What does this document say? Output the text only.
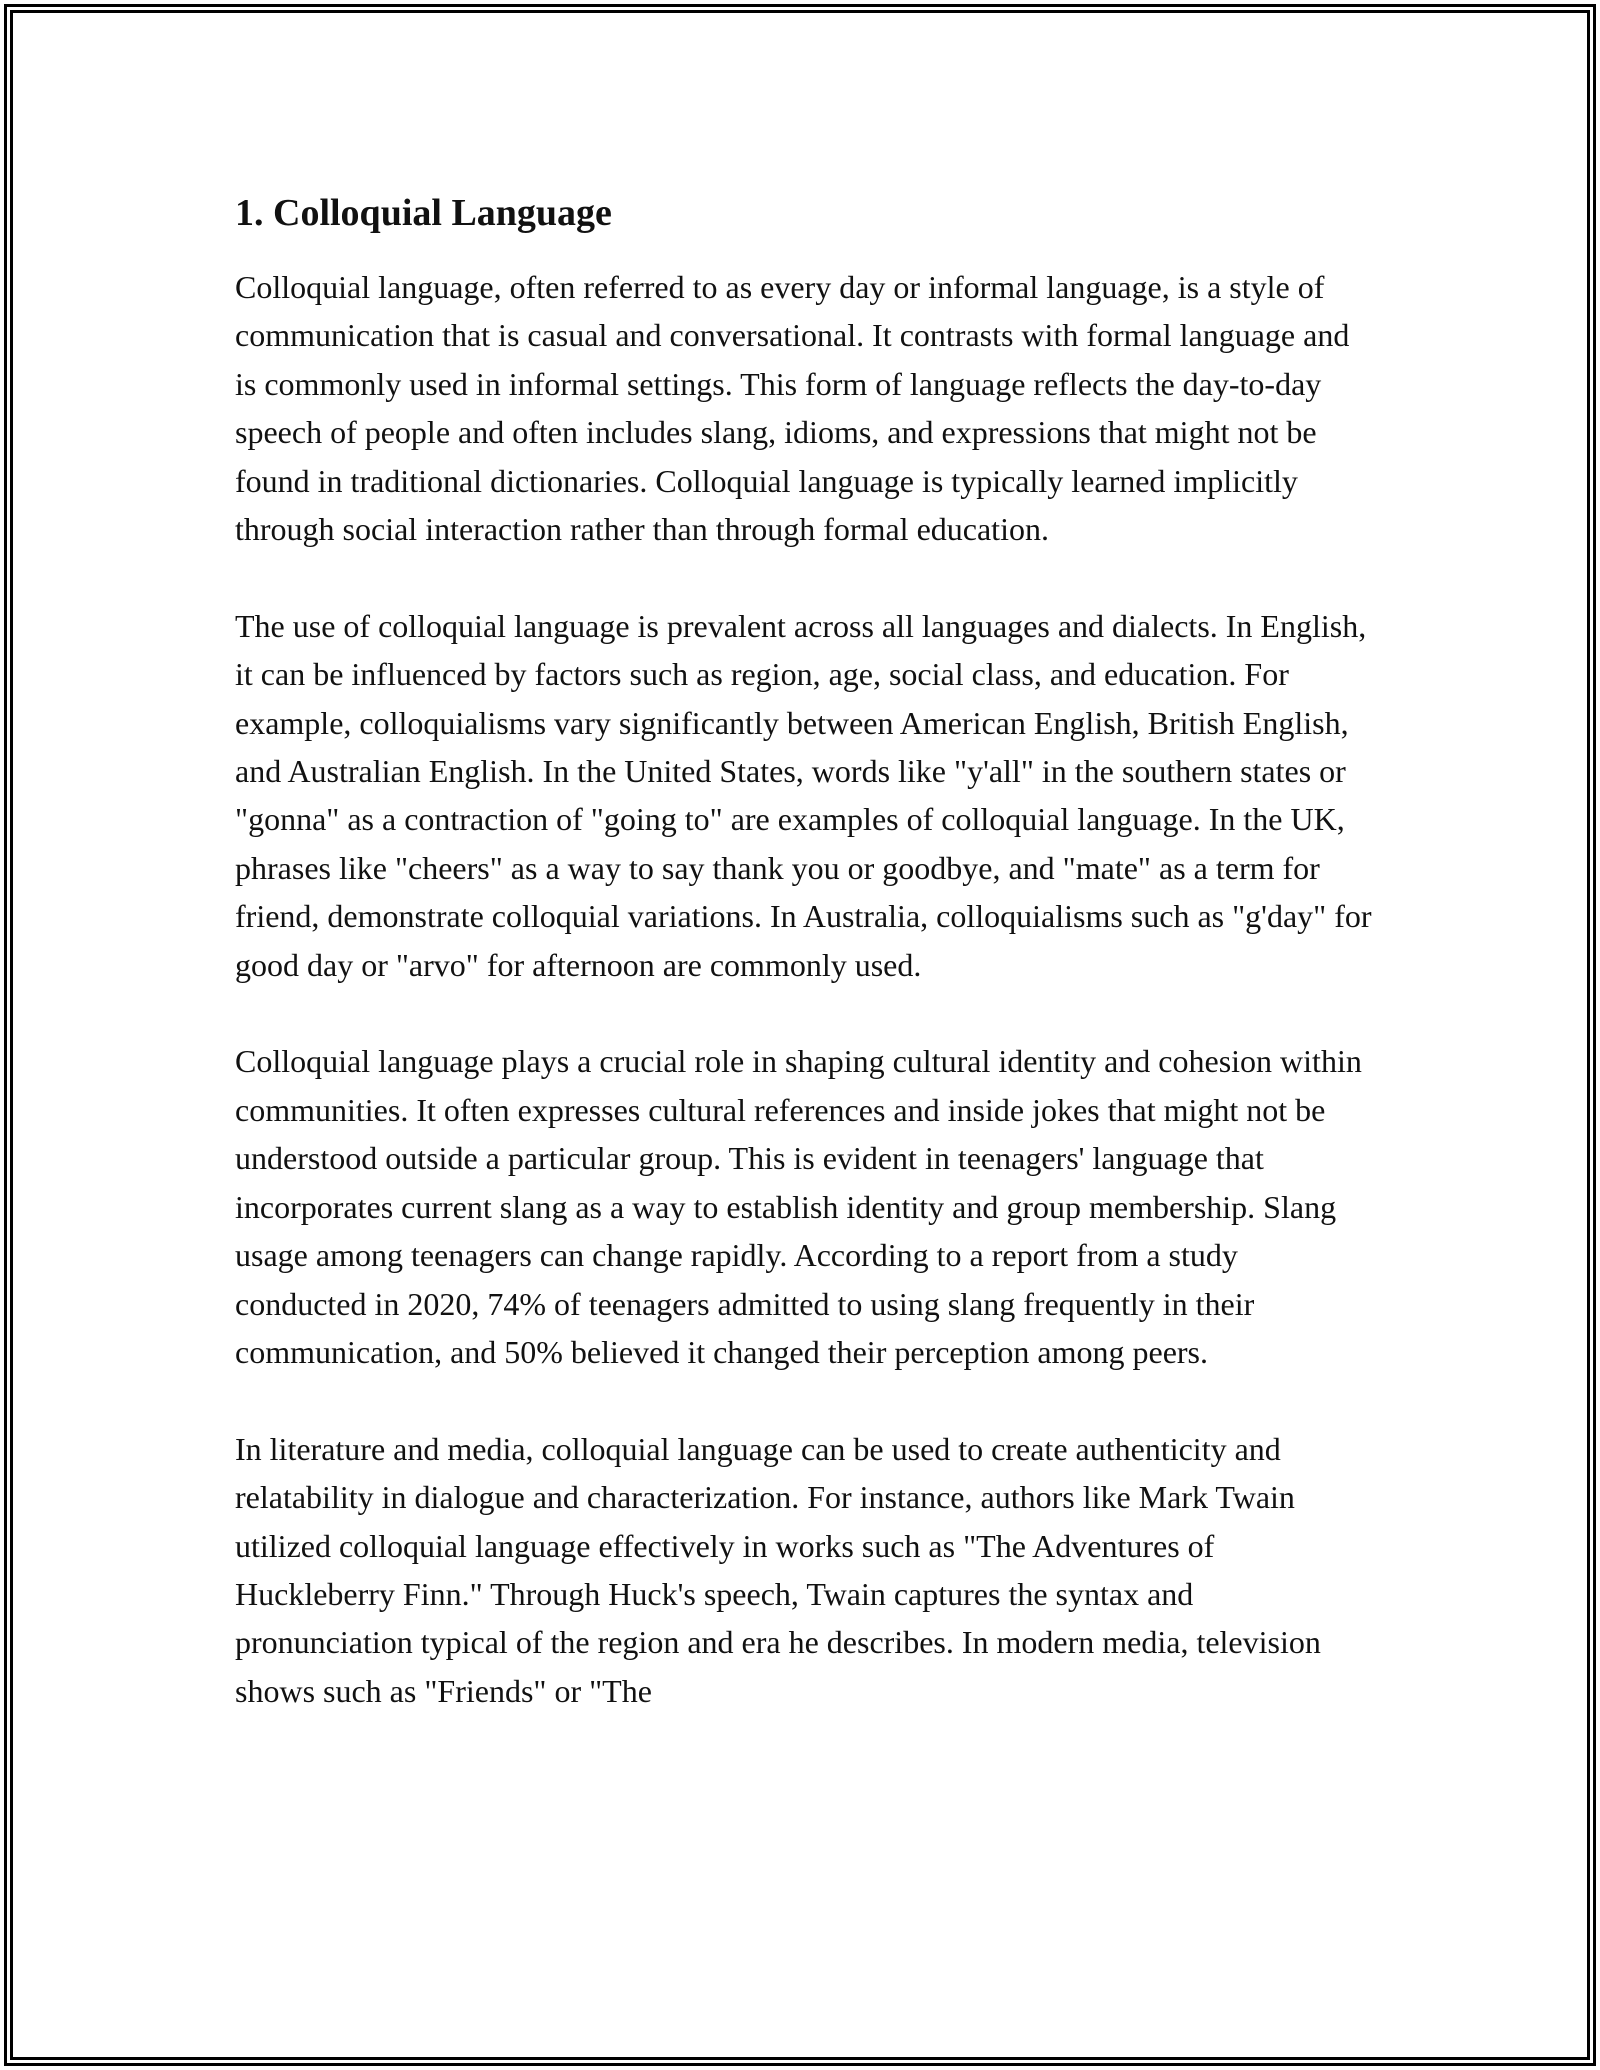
1. Colloquial Language

Colloquial language, often referred to as every day or informal language, is a style of communication that is casual and conversational. It contrasts with formal language and is commonly used in informal settings. This form of language reflects the day-to-day speech of people and often includes slang, idioms, and expressions that might not be found in traditional dictionaries. Colloquial language is typically learned implicitly through social interaction rather than through formal education.

The use of colloquial language is prevalent across all languages and dialects. In English, it can be influenced by factors such as region, age, social class, and education. For example, colloquialisms vary significantly between American English, British English, and Australian English. In the United States, words like "y'all" in the southern states or "gonna" as a contraction of "going to" are examples of colloquial language. In the UK, phrases like "cheers" as a way to say thank you or goodbye, and "mate" as a term for friend, demonstrate colloquial variations. In Australia, colloquialisms such as "g'day" for good day or "arvo" for afternoon are commonly used.

Colloquial language plays a crucial role in shaping cultural identity and cohesion within communities. It often expresses cultural references and inside jokes that might not be understood outside a particular group. This is evident in teenagers' language that incorporates current slang as a way to establish identity and group membership. Slang usage among teenagers can change rapidly. According to a report from a study conducted in 2020, 74% of teenagers admitted to using slang frequently in their communication, and 50% believed it changed their perception among peers.

In literature and media, colloquial language can be used to create authenticity and relatability in dialogue and characterization. For instance, authors like Mark Twain utilized colloquial language effectively in works such as "The Adventures of Huckleberry Finn." Through Huck's speech, Twain captures the syntax and pronunciation typical of the region and era he describes. In modern media, television shows such as "Friends" or "The
